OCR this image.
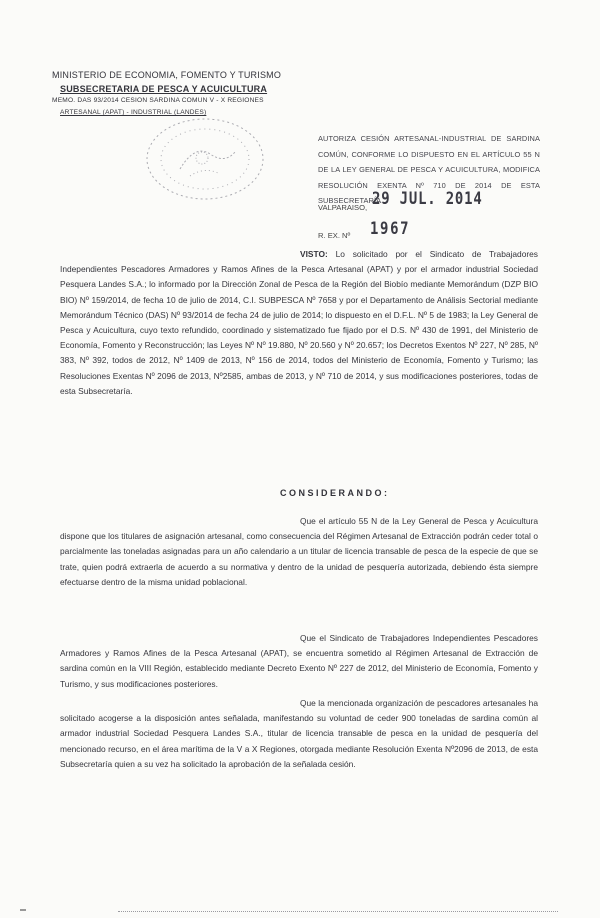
MINISTERIO DE ECONOMIA, FOMENTO Y TURISMO
SUBSECRETARIA DE PESCA Y ACUICULTURA
MEMO. DAS 93/2014 CESION SARDINA COMUN V - X REGIONES
ARTESANAL (APAT) - INDUSTRIAL (LANDES)
AUTORIZA CESIÓN ARTESANAL-INDUSTRIAL DE SARDINA COMÚN, CONFORME LO DISPUESTO EN EL ARTÍCULO 55 N DE LA LEY GENERAL DE PESCA Y ACUICULTURA, MODIFICA RESOLUCIÓN EXENTA Nº 710 DE 2014 DE ESTA SUBSECRETARÍA.
VALPARAISO, 29 JUL. 2014
R. EX. Nº 1967
VISTO: Lo solicitado por el Sindicato de Trabajadores Independientes Pescadores Armadores y Ramos Afines de la Pesca Artesanal (APAT) y por el armador industrial Sociedad Pesquera Landes S.A.; lo informado por la Dirección Zonal de Pesca de la Región del Biobío mediante Memorándum (DZP BIO BIO) Nº 159/2014, de fecha 10 de julio de 2014, C.I. SUBPESCA Nº 7658 y por el Departamento de Análisis Sectorial mediante Memorándum Técnico (DAS) Nº 93/2014 de fecha 24 de julio de 2014; lo dispuesto en el D.F.L. Nº 5 de 1983; la Ley General de Pesca y Acuicultura, cuyo texto refundido, coordinado y sistematizado fue fijado por el D.S. Nº 430 de 1991, del Ministerio de Economía, Fomento y Reconstrucción; las Leyes Nº Nº 19.880, Nº 20.560 y Nº 20.657; los Decretos Exentos Nº 227, Nº 285, Nº 383, Nº 392, todos de 2012, Nº 1409 de 2013, Nº 156 de 2014, todos del Ministerio de Economía, Fomento y Turismo; las Resoluciones Exentas Nº 2096 de 2013, Nº2585, ambas de 2013, y Nº 710 de 2014, y sus modificaciones posteriores, todas de esta Subsecretaría.
CONSIDERANDO:
Que el artículo 55 N de la Ley General de Pesca y Acuicultura dispone que los titulares de asignación artesanal, como consecuencia del Régimen Artesanal de Extracción podrán ceder total o parcialmente las toneladas asignadas para un año calendario a un titular de licencia transable de pesca de la especie de que se trate, quien podrá extraerla de acuerdo a su normativa y dentro de la unidad de pesquería autorizada, debiendo ésta siempre efectuarse dentro de la misma unidad poblacional.
Que el Sindicato de Trabajadores Independientes Pescadores Armadores y Ramos Afines de la Pesca Artesanal (APAT), se encuentra sometido al Régimen Artesanal de Extracción de sardina común en la VIII Región, establecido mediante Decreto Exento Nº 227 de 2012, del Ministerio de Economía, Fomento y Turismo, y sus modificaciones posteriores.
Que la mencionada organización de pescadores artesanales ha solicitado acogerse a la disposición antes señalada, manifestando su voluntad de ceder 900 toneladas de sardina común al armador industrial Sociedad Pesquera Landes S.A., titular de licencia transable de pesca en la unidad de pesquería del mencionado recurso, en el área marítima de la V a X Regiones, otorgada mediante Resolución Exenta Nº2096 de 2013, de esta Subsecretaría quien a su vez ha solicitado la aprobación de la señalada cesión.
